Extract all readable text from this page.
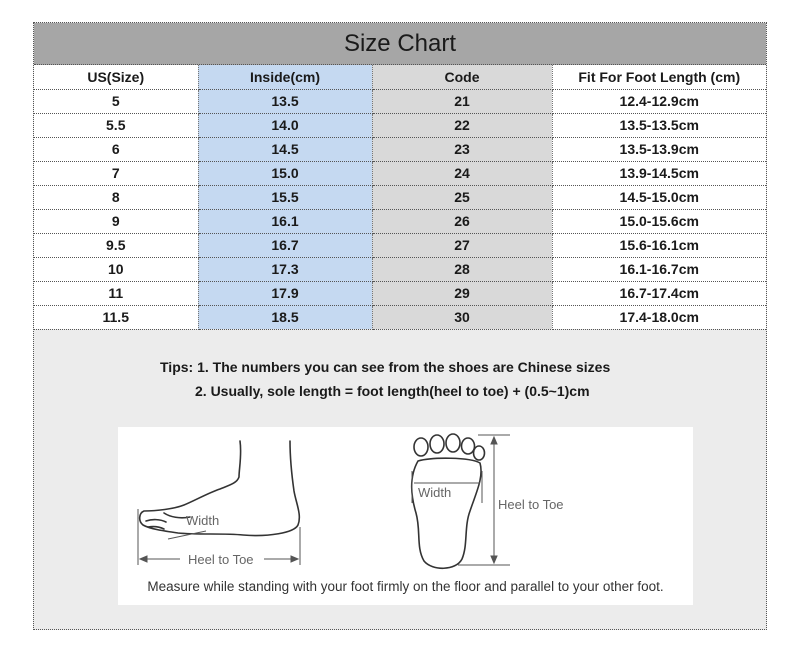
Size Chart
US(Size)	Inside(cm)	Code	Fit For Foot Length (cm)
5	13.5	21	12.4-12.9cm
5.5	14.0	22	13.5-13.5cm
6	14.5	23	13.5-13.9cm
7	15.0	24	13.9-14.5cm
8	15.5	25	14.5-15.0cm
9	16.1	26	15.0-15.6cm
9.5	16.7	27	15.6-16.1cm
10	17.3	28	16.1-16.7cm
11	17.9	29	16.7-17.4cm
11.5	18.5	30	17.4-18.0cm
Tips: 1. The numbers you can see from the shoes are Chinese sizes
2. Usually, sole length = foot length(heel to toe) + (0.5~1)cm
Width
Heel to Toe
Width
Heel to Toe
Measure while standing with your foot firmly on the floor and parallel to your other foot.
